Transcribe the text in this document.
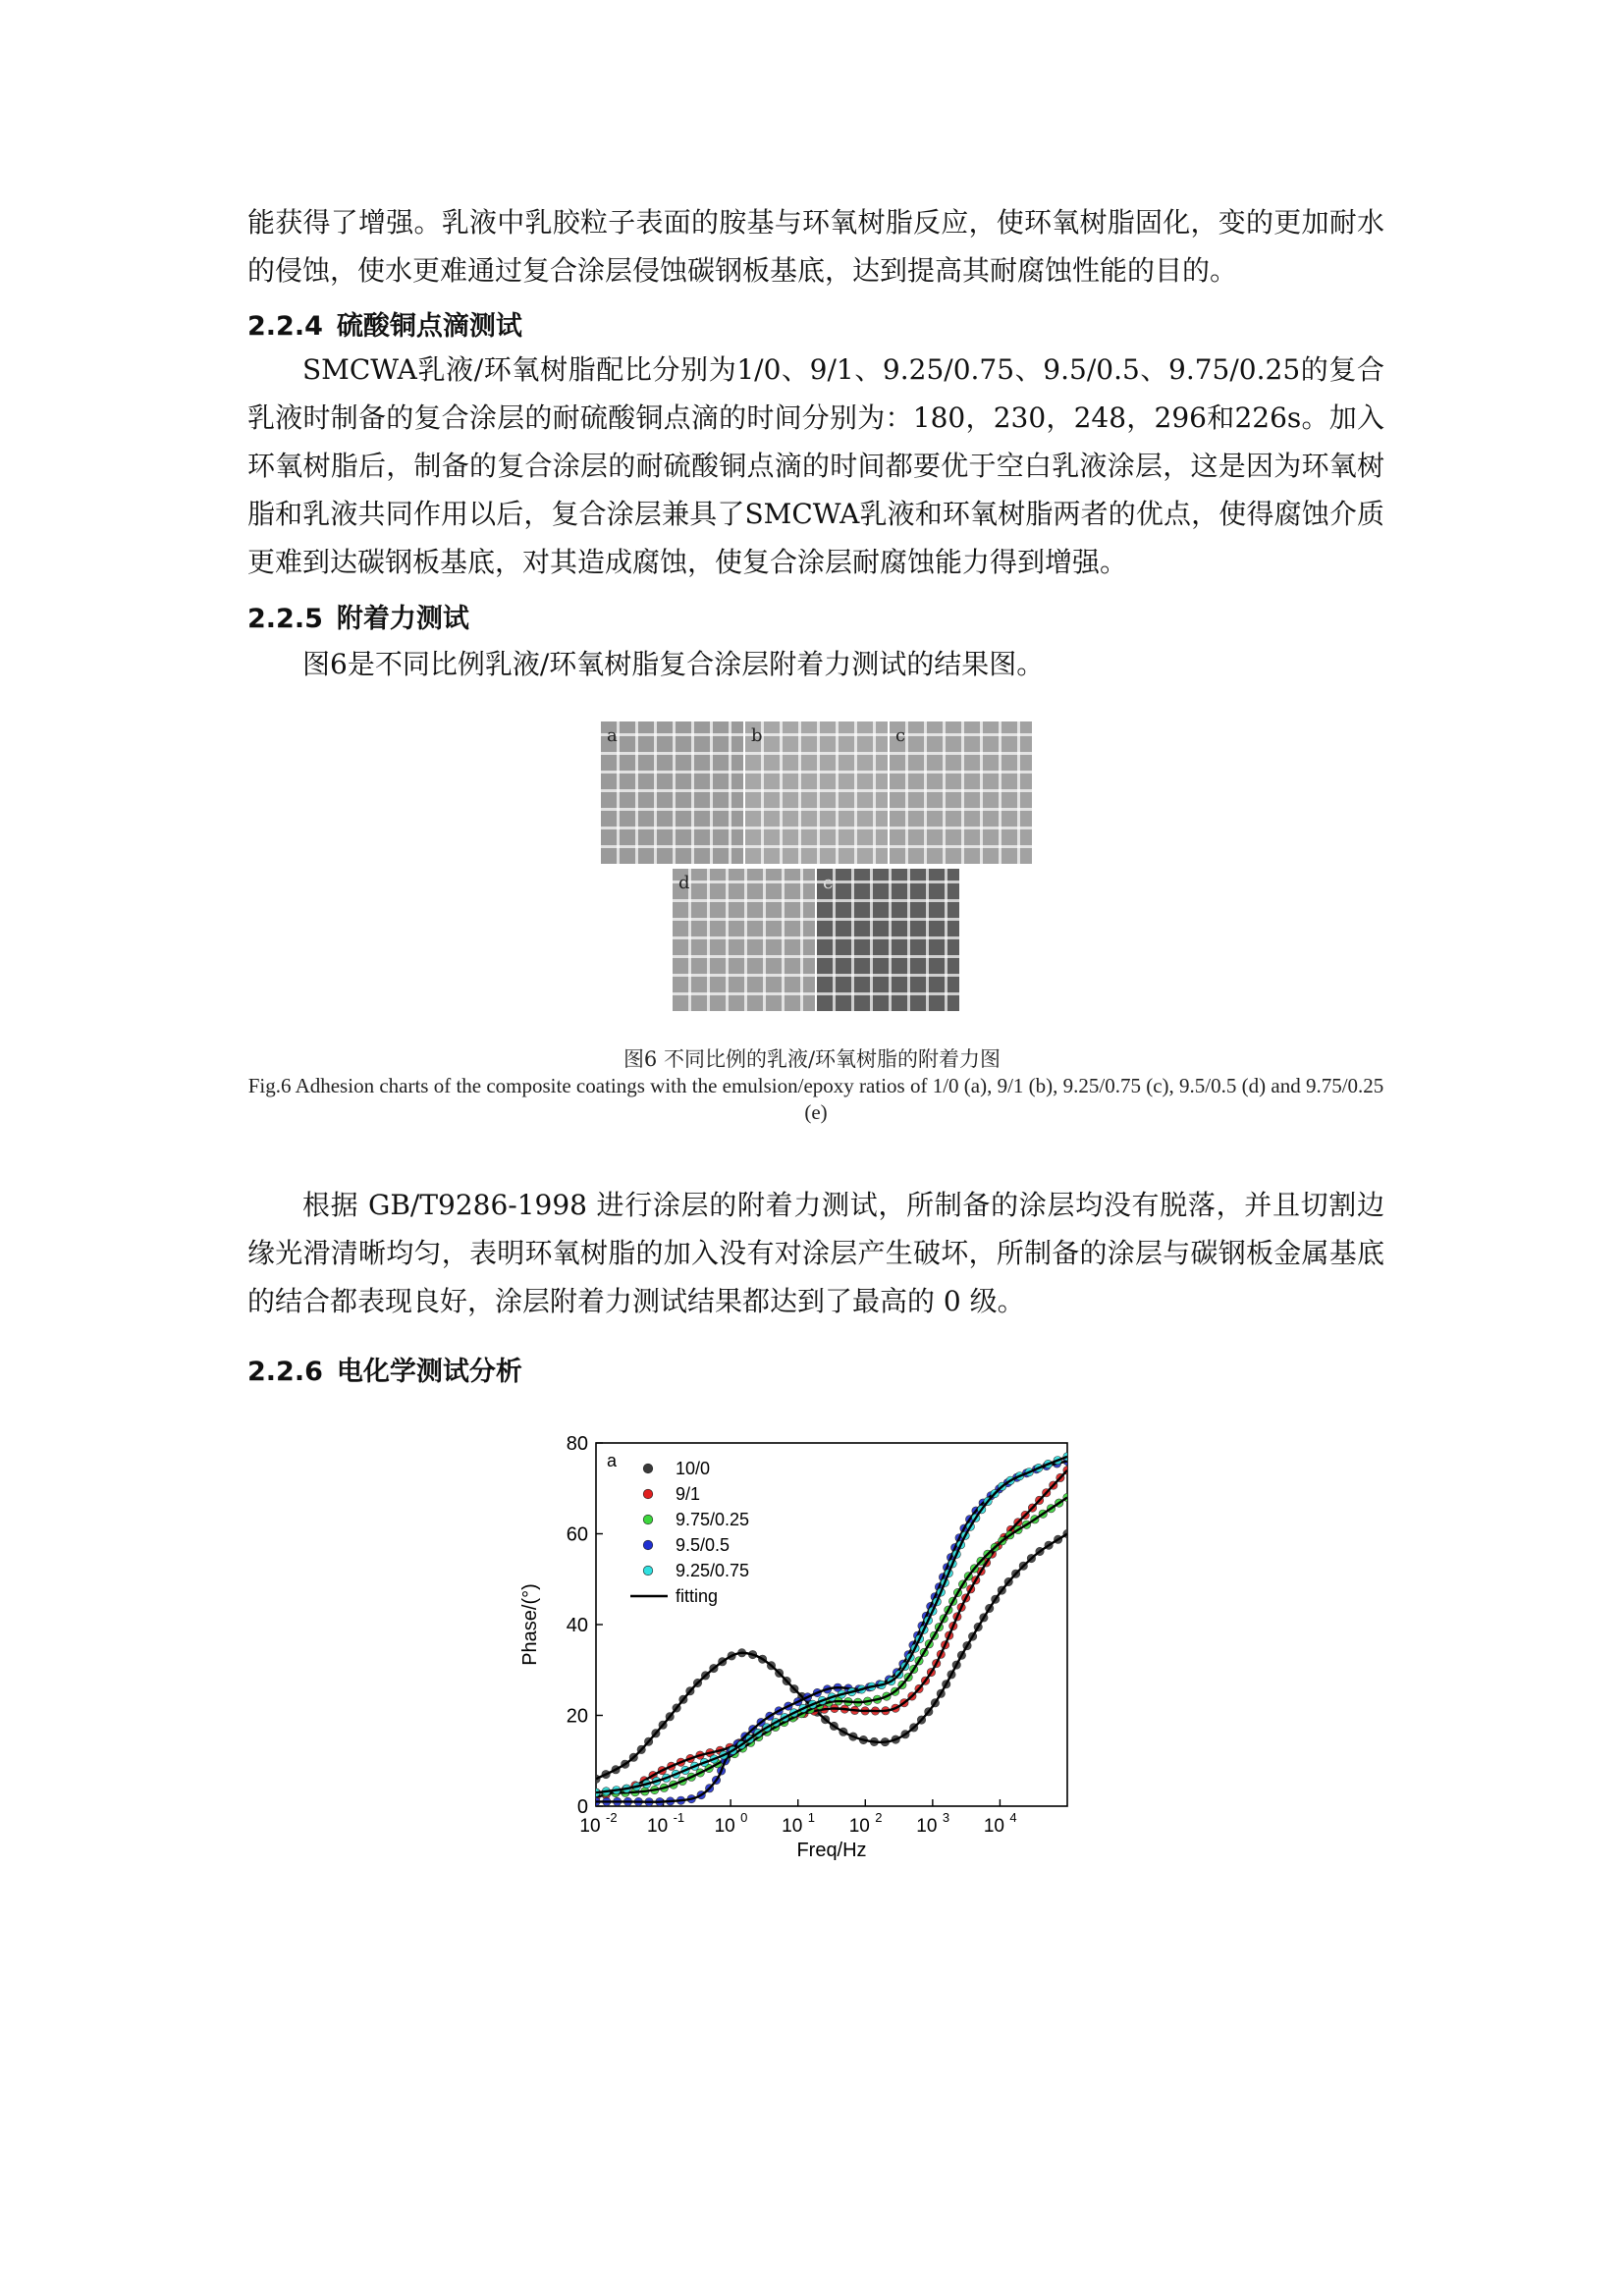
能获得了增强。乳液中乳胶粒子表面的胺基与环氧树脂反应，使环氧树脂固化，变的更加耐水的侵蚀，使水更难通过复合涂层侵蚀碳钢板基底，达到提高其耐腐蚀性能的目的。
2.2.4 硫酸铜点滴测试
SMCWA乳液/环氧树脂配比分别为1/0、9/1、9.25/0.75、9.5/0.5、9.75/0.25的复合乳液时制备的复合涂层的耐硫酸铜点滴的时间分别为：180，230，248，296和226s。加入环氧树脂后，制备的复合涂层的耐硫酸铜点滴的时间都要优于空白乳液涂层，这是因为环氧树脂和乳液共同作用以后，复合涂层兼具了SMCWA乳液和环氧树脂两者的优点，使得腐蚀介质更难到达碳钢板基底，对其造成腐蚀，使复合涂层耐腐蚀能力得到增强。
2.2.5 附着力测试
图6是不同比例乳液/环氧树脂复合涂层附着力测试的结果图。
a	b	c
d	e
图6 不同比例的乳液/环氧树脂的附着力图
Fig.6 Adhesion charts of the composite coatings with the emulsion/epoxy ratios of 1/0 (a), 9/1 (b), 9.25/0.75 (c), 9.5/0.5 (d) and 9.75/0.25 (e)
根据 GB/T9286-1998 进行涂层的附着力测试，所制备的涂层均没有脱落，并且切割边缘光滑清晰均匀，表明环氧树脂的加入没有对涂层产生破坏，所制备的涂层与碳钢板金属基底的结合都表现良好，涂层附着力测试结果都达到了最高的 0 级。
2.2.6 电化学测试分析
0
20
40
60
80
10 -2 10 -1 10 0 10 1 10 2 10 3 10 4
10/0
9/1
9.75/0.25
9.5/0.5
9.25/0.75
fitting
a
Freq/Hz
Phase/(°)
